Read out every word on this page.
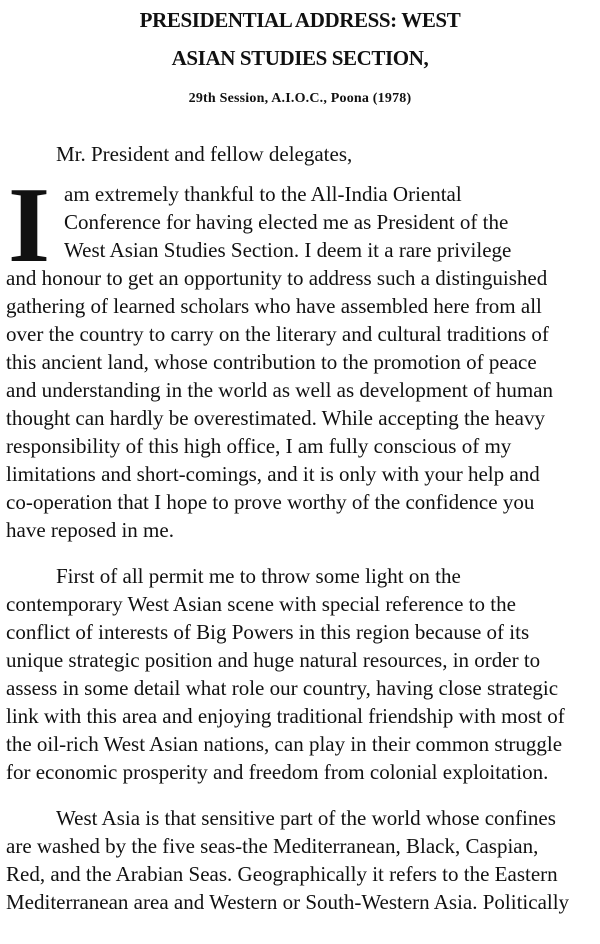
PRESIDENTIAL ADDRESS: WEST
ASIAN STUDIES SECTION,
29th Session, A.I.O.C., Poona (1978)

Mr. President and fellow delegates,

I am extremely thankful to the All-India Oriental

Conference for having elected me as President of the

West Asian Studies Section. I deem it a rare privilege

and honour to get an opportunity to address such a distinguished

gathering of learned scholars who have assembled here from all

over the country to carry on the literary and cultural traditions of

this ancient land, whose contribution to the promotion of peace

and understanding in the world as well as development of human

thought can hardly be overestimated. While accepting the heavy

responsibility of this high office, I am fully conscious of my

limitations and short-comings, and it is only with your help and

co-operation that I hope to prove worthy of the confidence you

have reposed in me.

First of all permit me to throw some light on the

contemporary West Asian scene with special reference to the

conflict of interests of Big Powers in this region because of its

unique strategic position and huge natural resources, in order to

assess in some detail what role our country, having close strategic

link with this area and enjoying traditional friendship with most of

the oil-rich West Asian nations, can play in their common struggle

for economic prosperity and freedom from colonial exploitation.

West Asia is that sensitive part of the world whose confines

are washed by the five seas-the Mediterranean, Black, Caspian,

Red, and the Arabian Seas. Geographically it refers to the Eastern

Mediterranean area and Western or South-Western Asia. Politically
